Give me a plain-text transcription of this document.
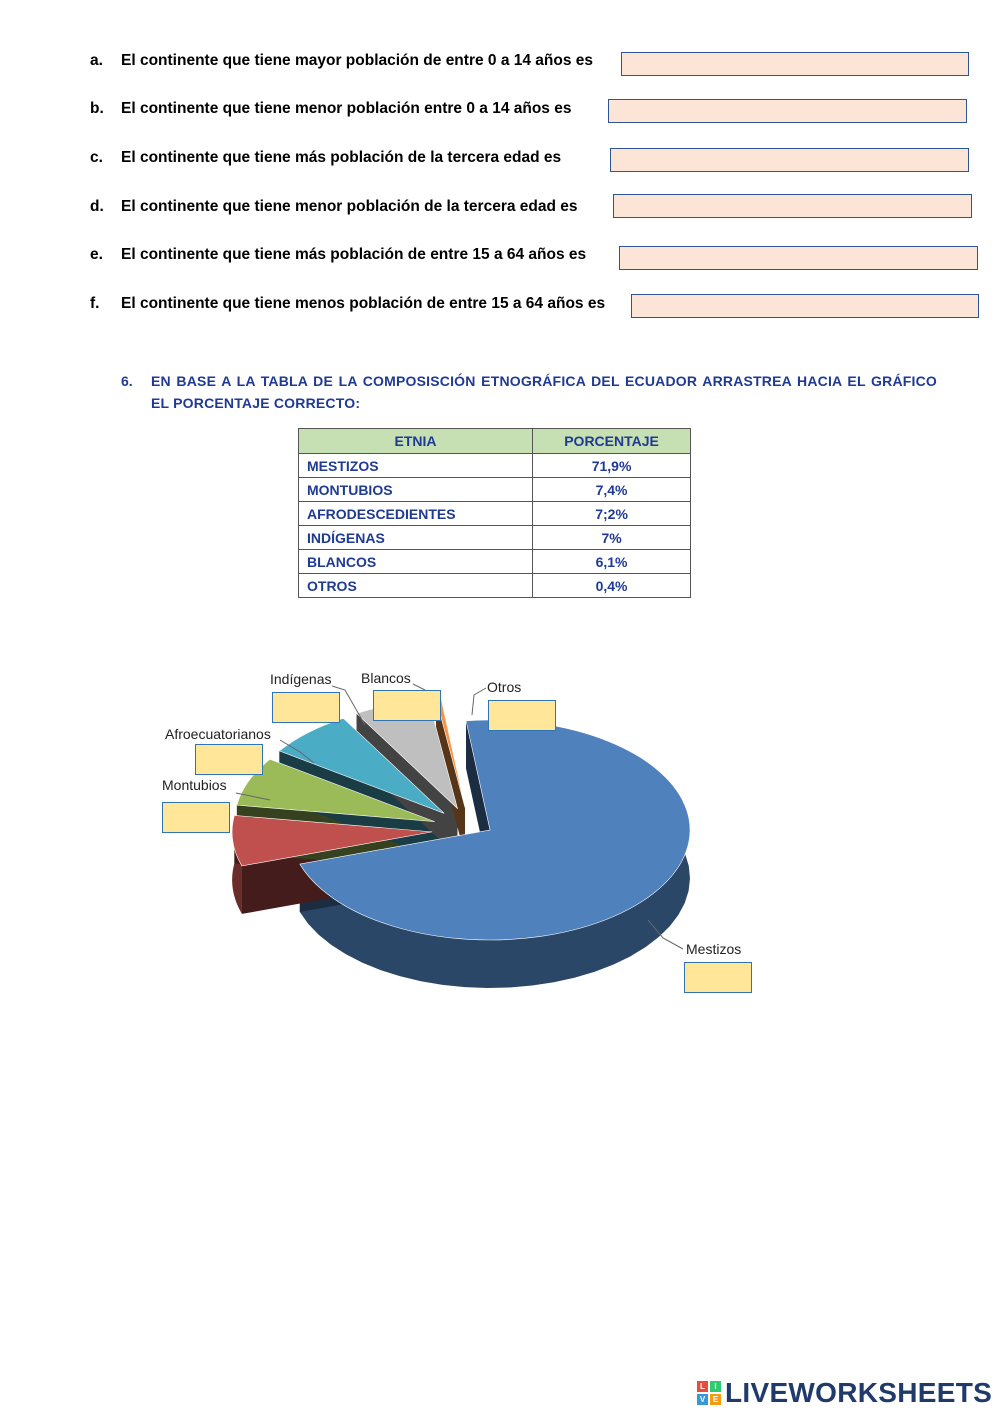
a. El continente que tiene mayor población de entre 0 a 14 años es
b. El continente que tiene menor población entre 0 a 14 años es
c. El continente que tiene más población de la tercera edad es
d. El continente que tiene menor población de la tercera edad es
e. El continente que tiene más población de entre 15 a 64 años es
f. El continente que tiene menos población de entre 15 a 64 años es
6. EN BASE A LA TABLA DE LA COMPOSISCIÓN ETNOGRÁFICA DEL ECUADOR ARRASTREA HACIA EL GRÁFICO EL PORCENTAJE CORRECTO:
ETNIA	PORCENTAJE
MESTIZOS	71,9%
MONTUBIOS	7,4%
AFRODESCEDIENTES	7;2%
INDÍGENAS	7%
BLANCOS	6,1%
OTROS	0,4%
Indígenas Blancos
Otros
Afroecuatorianos
Montubios
Mestizos
L	I
V E LIVEWORKSHEETS
